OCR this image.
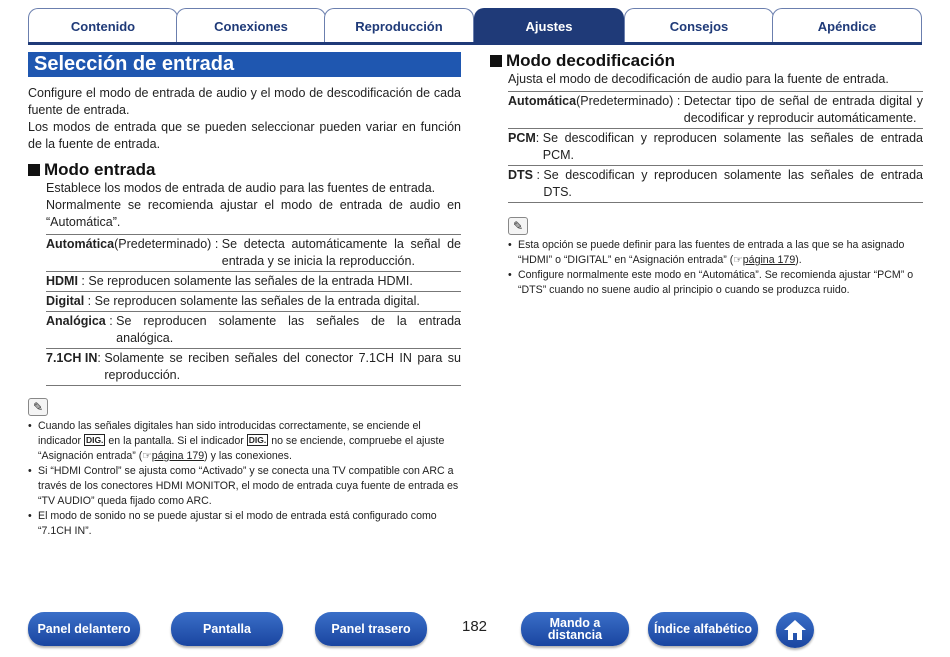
Contenido	Conexiones	Reproducción	Ajustes	Consejos	Apéndice
Selección de entrada

Configure el modo de entrada de audio y el modo de descodificación de cada fuente de entrada.

Los modos de entrada que se pueden seleccionar pueden variar en función de la fuente de entrada.

Modo entrada

Establece los modos de entrada de audio para las fuentes de entrada.

Normalmente se recomienda ajustar el modo de entrada de audio en “Automática”.

Automática (Predeterminado) : Se detecta automáticamente la señal de entrada y se inicia la reproducción.
HDMI : Se reproducen solamente las señales de la entrada HDMI.
Digital : Se reproducen solamente las señales de la entrada digital.
Analógica : Se reproducen solamente las señales de la entrada analógica.
7.1CH IN : Solamente se reciben señales del conector 7.1CH IN para su reproducción.
✎
• Cuando las señales digitales han sido introducidas correctamente, se enciende el indicador DIG. en la pantalla. Si el indicador DIG. no se enciende, compruebe el ajuste “Asignación entrada” (☞página 179) y las conexiones.
• Si “HDMI Control” se ajusta como “Activado” y se conecta una TV compatible con ARC a través de los conectores HDMI MONITOR, el modo de entrada cuya fuente de entrada es “TV AUDIO” queda fijado como ARC.
• El modo de sonido no se puede ajustar si el modo de entrada está configurado como “7.1CH IN”.
Modo decodificación

Ajusta el modo de decodificación de audio para la fuente de entrada.

Automática (Predeterminado) : Detectar tipo de señal de entrada digital y decodificar y reproducir automáticamente.
PCM : Se descodifican y reproducen solamente las señales de entrada PCM.
DTS : Se descodifican y reproducen solamente las señales de entrada DTS.
✎
• Esta opción se puede definir para las fuentes de entrada a las que se ha asignado “HDMI” o “DIGITAL” en “Asignación entrada” (☞página 179).
• Configure normalmente este modo en “Automática”. Se recomienda ajustar “PCM” o “DTS” cuando no suene audio al principio o cuando se produzca ruido.
Panel delantero	Pantalla	Panel trasero	182	Mando a
distancia	Índice alfabético
